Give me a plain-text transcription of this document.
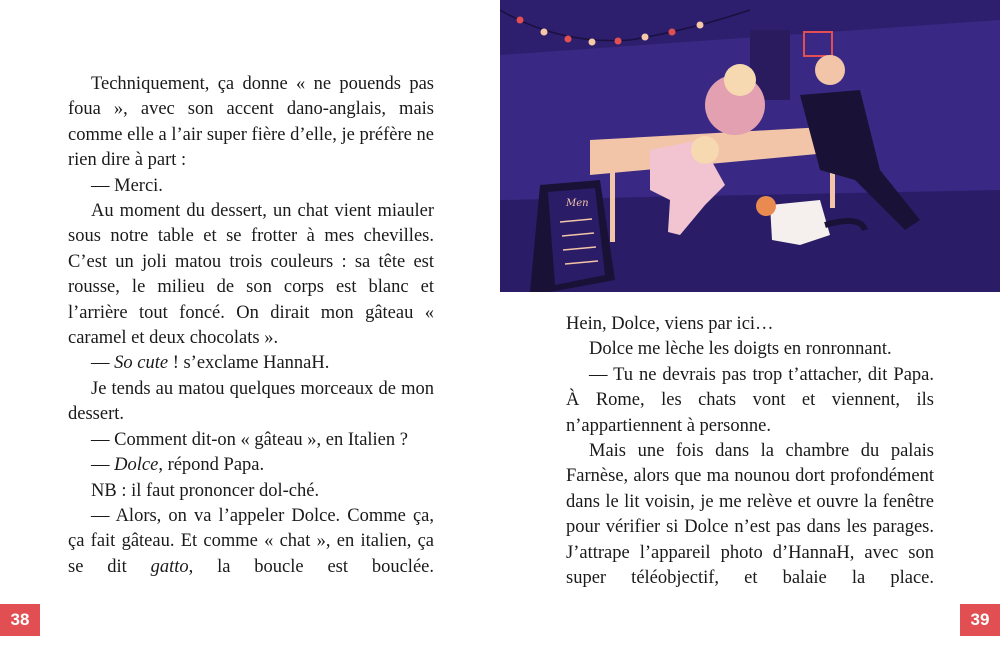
Techniquement, ça donne « ne pouends pas foua », avec son accent dano-anglais, mais comme elle a l’air super fière d’elle, je préfère ne rien dire à part :

— Merci.

Au moment du dessert, un chat vient miauler sous notre table et se frotter à mes chevilles. C’est un joli matou trois couleurs : sa tête est rousse, le milieu de son corps est blanc et l’arrière tout foncé. On dirait mon gâteau « caramel et deux chocolats ».

— So cute ! s’exclame HannaH.

Je tends au matou quelques morceaux de mon dessert.

— Comment dit-on « gâteau », en Italien ?

— Dolce, répond Papa.

NB : il faut prononcer dol-ché.

— Alors, on va l’appeler Dolce. Comme ça, ça fait gâteau. Et comme « chat », en italien, ça se dit gatto, la boucle est bouclée.

38
Men

Hein, Dolce, viens par ici…

Dolce me lèche les doigts en ronronnant.

— Tu ne devrais pas trop t’attacher, dit Papa. À Rome, les chats vont et viennent, ils n’appartiennent à personne.

Mais une fois dans la chambre du palais Farnèse, alors que ma nounou dort profondément dans le lit voisin, je me relève et ouvre la fenêtre pour vérifier si Dolce n’est pas dans les parages. J’attrape l’appareil photo d’HannaH, avec son super téléobjectif, et balaie la place.

39
